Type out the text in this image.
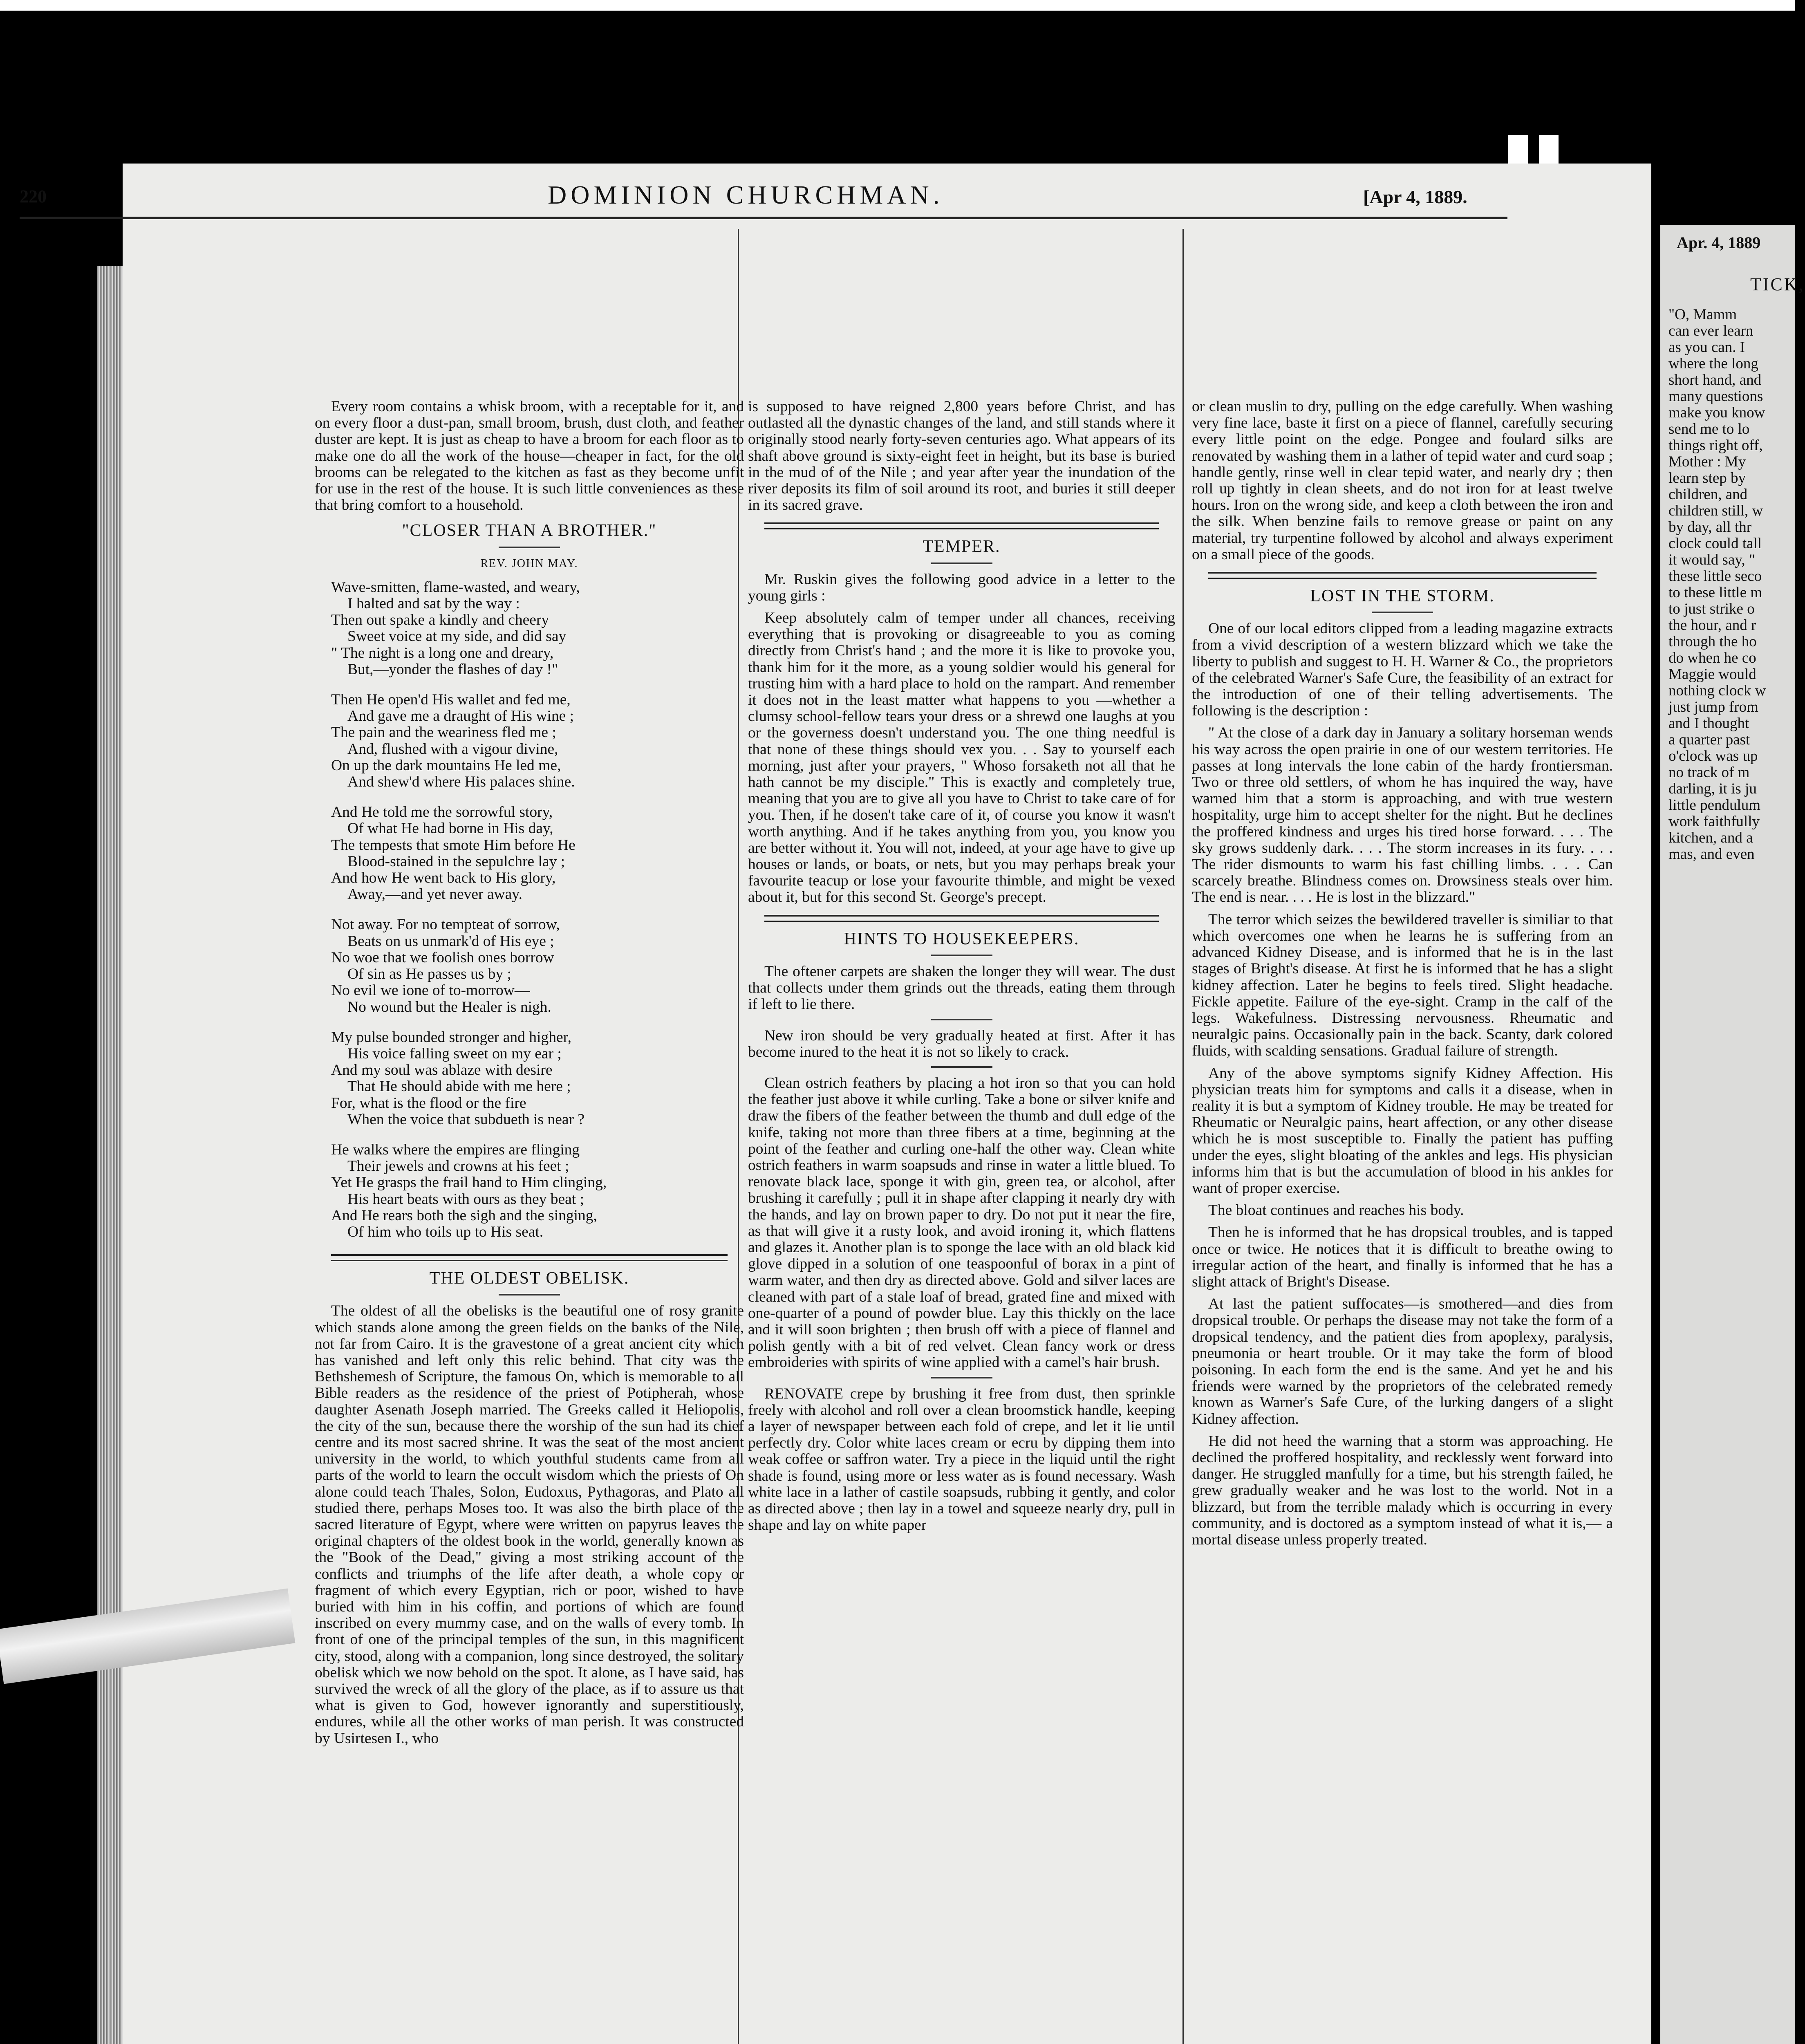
220	DOMINION CHURCHMAN.	[Apr 4, 1889.

Every room contains a whisk broom, with a receptable for it, and on every floor a dust-pan, small broom, brush, dust cloth, and feather duster are kept. It is just as cheap to have a broom for each floor as to make one do all the work of the house—cheaper in fact, for the old brooms can be relegated to the kitchen as fast as they become unfit for use in the rest of the house. It is such little conveniences as these that bring comfort to a household.

"CLOSER THAN A BROTHER."
REV. JOHN MAY.
Wave-smitten, flame-wasted, and weary,
I halted and sat by the way :
Then out spake a kindly and cheery
Sweet voice at my side, and did say
" The night is a long one and dreary,
But,—yonder the flashes of day !"
Then He open'd His wallet and fed me,
And gave me a draught of His wine ;
The pain and the weariness fled me ;
And, flushed with a vigour divine,
On up the dark mountains He led me,
And shew'd where His palaces shine.
And He told me the sorrowful story,
Of what He had borne in His day,
The tempests that smote Him before He
Blood-stained in the sepulchre lay ;
And how He went back to His glory,
Away,—and yet never away.
Not away. For no tempteat of sorrow,
Beats on us unmark'd of His eye ;
No woe that we foolish ones borrow
Of sin as He passes us by ;
No evil we ione of to-morrow—
No wound but the Healer is nigh.
My pulse bounded stronger and higher,
His voice falling sweet on my ear ;
And my soul was ablaze with desire
That He should abide with me here ;
For, what is the flood or the fire
When the voice that subdueth is near ?
He walks where the empires are flinging
Their jewels and crowns at his feet ;
Yet He grasps the frail hand to Him clinging,
His heart beats with ours as they beat ;
And He rears both the sigh and the singing,
Of him who toils up to His seat.
THE OLDEST OBELISK.

The oldest of all the obelisks is the beautiful one of rosy granite which stands alone among the green fields on the banks of the Nile, not far from Cairo. It is the gravestone of a great ancient city which has vanished and left only this relic behind. That city was the Bethshemesh of Scripture, the famous On, which is memorable to all Bible readers as the residence of the priest of Potipherah, whose daughter Asenath Joseph married. The Greeks called it Heliopolis, the city of the sun, because there the worship of the sun had its chief centre and its most sacred shrine. It was the seat of the most ancient university in the world, to which youthful students came from all parts of the world to learn the occult wisdom which the priests of On alone could teach Thales, Solon, Eudoxus, Pythagoras, and Plato all studied there, perhaps Moses too. It was also the birth place of the sacred literature of Egypt, where were written on papyrus leaves the original chapters of the oldest book in the world, generally known as the "Book of the Dead," giving a most striking account of the conflicts and triumphs of the life after death, a whole copy or fragment of which every Egyptian, rich or poor, wished to have buried with him in his coffin, and portions of which are found inscribed on every mummy case, and on the walls of every tomb. In front of one of the principal temples of the sun, in this magnificent city, stood, along with a companion, long since destroyed, the solitary obelisk which we now behold on the spot. It alone, as I have said, has survived the wreck of all the glory of the place, as if to assure us that what is given to God, however ignorantly and superstitiously, endures, while all the other works of man perish. It was constructed by Usirtesen I., who

is supposed to have reigned 2,800 years before Christ, and has outlasted all the dynastic changes of the land, and still stands where it originally stood nearly forty-seven centuries ago. What appears of its shaft above ground is sixty-eight feet in height, but its base is buried in the mud of of the Nile ; and year after year the inundation of the river deposits its film of soil around its root, and buries it still deeper in its sacred grave.

TEMPER.

Mr. Ruskin gives the following good advice in a letter to the young girls :

Keep absolutely calm of temper under all chances, receiving everything that is provoking or disagreeable to you as coming directly from Christ's hand ; and the more it is like to provoke you, thank him for it the more, as a young soldier would his general for trusting him with a hard place to hold on the rampart. And remember it does not in the least matter what happens to you —whether a clumsy school-fellow tears your dress or a shrewd one laughs at you or the governess doesn't understand you. The one thing needful is that none of these things should vex you. . . Say to yourself each morning, just after your prayers, " Whoso forsaketh not all that he hath cannot be my disciple." This is exactly and completely true, meaning that you are to give all you have to Christ to take care of for you. Then, if he dosen't take care of it, of course you know it wasn't worth anything. And if he takes anything from you, you know you are better without it. You will not, indeed, at your age have to give up houses or lands, or boats, or nets, but you may perhaps break your favourite teacup or lose your favourite thimble, and might be vexed about it, but for this second St. George's precept.

HINTS TO HOUSEKEEPERS.

The oftener carpets are shaken the longer they will wear. The dust that collects under them grinds out the threads, eating them through if left to lie there.

New iron should be very gradually heated at first. After it has become inured to the heat it is not so likely to crack.

Clean ostrich feathers by placing a hot iron so that you can hold the feather just above it while curling. Take a bone or silver knife and draw the fibers of the feather between the thumb and dull edge of the knife, taking not more than three fibers at a time, beginning at the point of the feather and curling one-half the other way. Clean white ostrich feathers in warm soapsuds and rinse in water a little blued. To renovate black lace, sponge it with gin, green tea, or alcohol, after brushing it carefully ; pull it in shape after clapping it nearly dry with the hands, and lay on brown paper to dry. Do not put it near the fire, as that will give it a rusty look, and avoid ironing it, which flattens and glazes it. Another plan is to sponge the lace with an old black kid glove dipped in a solution of one teaspoonful of borax in a pint of warm water, and then dry as directed above. Gold and silver laces are cleaned with part of a stale loaf of bread, grated fine and mixed with one-quarter of a pound of powder blue. Lay this thickly on the lace and it will soon brighten ; then brush off with a piece of flannel and polish gently with a bit of red velvet. Clean fancy work or dress embroideries with spirits of wine applied with a camel's hair brush.

RENOVATE crepe by brushing it free from dust, then sprinkle freely with alcohol and roll over a clean broomstick handle, keeping a layer of newspaper between each fold of crepe, and let it lie until perfectly dry. Color white laces cream or ecru by dipping them into weak coffee or saffron water. Try a piece in the liquid until the right shade is found, using more or less water as is found necessary. Wash white lace in a lather of castile soapsuds, rubbing it gently, and color as directed above ; then lay in a towel and squeeze nearly dry, pull in shape and lay on white paper

or clean muslin to dry, pulling on the edge carefully. When washing very fine lace, baste it first on a piece of flannel, carefully securing every little point on the edge. Pongee and foulard silks are renovated by washing them in a lather of tepid water and curd soap ; handle gently, rinse well in clear tepid water, and nearly dry ; then roll up tightly in clean sheets, and do not iron for at least twelve hours. Iron on the wrong side, and keep a cloth between the iron and the silk. When benzine fails to remove grease or paint on any material, try turpentine followed by alcohol and always experiment on a small piece of the goods.

LOST IN THE STORM.

One of our local editors clipped from a leading magazine extracts from a vivid description of a western blizzard which we take the liberty to publish and suggest to H. H. Warner & Co., the proprietors of the celebrated Warner's Safe Cure, the feasibility of an extract for the introduction of one of their telling advertisements. The following is the description :

" At the close of a dark day in January a solitary horseman wends his way across the open prairie in one of our western territories. He passes at long intervals the lone cabin of the hardy frontiersman. Two or three old settlers, of whom he has inquired the way, have warned him that a storm is approaching, and with true western hospitality, urge him to accept shelter for the night. But he declines the proffered kindness and urges his tired horse forward. . . . The sky grows suddenly dark. . . . The storm increases in its fury. . . . The rider dismounts to warm his fast chilling limbs. . . . Can scarcely breathe. Blindness comes on. Drowsiness steals over him. The end is near. . . . He is lost in the blizzard."

The terror which seizes the bewildered traveller is similiar to that which overcomes one when he learns he is suffering from an advanced Kidney Disease, and is informed that he is in the last stages of Bright's disease. At first he is informed that he has a slight kidney affection. Later he begins to feels tired. Slight headache. Fickle appetite. Failure of the eye-sight. Cramp in the calf of the legs. Wakefulness. Distressing nervousness. Rheumatic and neuralgic pains. Occasionally pain in the back. Scanty, dark colored fluids, with scalding sensations. Gradual failure of strength.

Any of the above symptoms signify Kidney Affection. His physician treats him for symptoms and calls it a disease, when in reality it is but a symptom of Kidney trouble. He may be treated for Rheumatic or Neuralgic pains, heart affection, or any other disease which he is most susceptible to. Finally the patient has puffing under the eyes, slight bloating of the ankles and legs. His physician informs him that is but the accumulation of blood in his ankles for want of proper exercise.

The bloat continues and reaches his body.

Then he is informed that he has dropsical troubles, and is tapped once or twice. He notices that it is difficult to breathe owing to irregular action of the heart, and finally is informed that he has a slight attack of Bright's Disease.

At last the patient suffocates—is smothered—and dies from dropsical trouble. Or perhaps the disease may not take the form of a dropsical tendency, and the patient dies from apoplexy, paralysis, pneumonia or heart trouble. Or it may take the form of blood poisoning. In each form the end is the same. And yet he and his friends were warned by the proprietors of the celebrated remedy known as Warner's Safe Cure, of the lurking dangers of a slight Kidney affection.

He did not heed the warning that a storm was approaching. He declined the proffered hospitality, and recklessly went forward into danger. He struggled manfully for a time, but his strength failed, he grew gradually weaker and he was lost to the world. Not in a blizzard, but from the terrible malady which is occurring in every community, and is doctored as a symptom instead of what it is,— a mortal disease unless properly treated.

Apr. 4, 1889
TICK,
"O, Mamm
can ever learn
as you can. I
where the long
short hand, and
many questions
make you know
send me to lo
things right off,
Mother : My
learn step by
children, and
children still, w
by day, all thr
clock could tall
it would say, "
these little seco
to these little m
to just strike o
the hour, and r
through the ho
do when he co
Maggie would
nothing clock w
just jump from
and I thought
a quarter past
o'clock was up
no track of m
darling, it is ju
little pendulum
work faithfully
kitchen, and a
mas, and even
